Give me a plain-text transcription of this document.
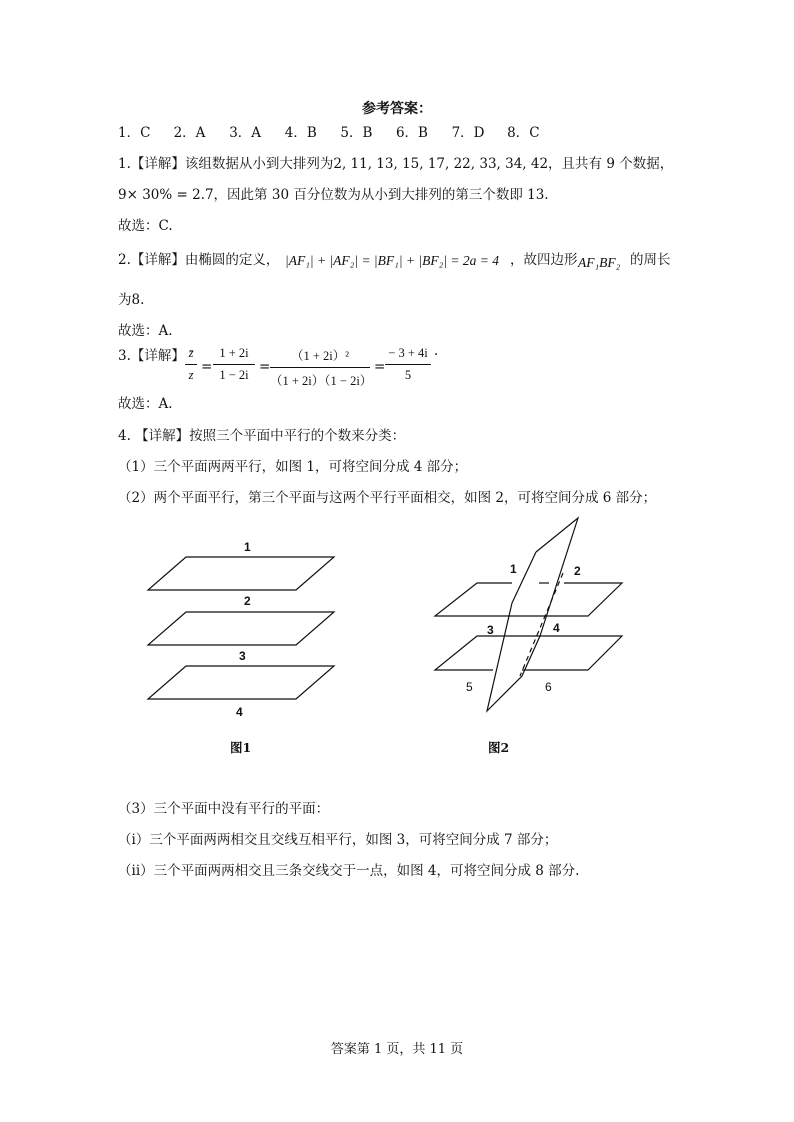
参考答案：
1．C	2．A	3．A	4．B	5．B	6．B	7．D	8．C
1.【详解】该组数据从小到大排列为2, 11, 13, 15, 17, 22, 33, 34, 42，且共有 9 个数据，
9× 30% = 2.7，因此第 30 百分位数为从小到大排列的第三个数即 13.
故选：C.
2.【详解】由椭圆的定义， |AF₁| + |AF₂| = |BF₁| + |BF₂| = 2a = 4 ，故四边形 AF₁BF₂ 的周长
为8.
故选：A.
3.【详解】 z̄
z =
1 + 2i
1 − 2i =
（1 + 2i）²
（1 + 2i）（1 − 2i）
=
− 3 + 4i
5
·
故选：A.
4. 【详解】按照三个平面中平行的个数来分类：
（1）三个平面两两平行，如图 1，可将空间分成 4 部分；
（2）两个平面平行，第三个平面与这两个平行平面相交，如图 2，可将空间分成 6 部分；
1
2
3
4
图1
1	2
3	4
5	6
图2
（3）三个平面中没有平行的平面：
（i）三个平面两两相交且交线互相平行，如图 3，可将空间分成 7 部分；
（ii）三个平面两两相交且三条交线交于一点，如图 4，可将空间分成 8 部分.
答案第 1 页，共 11 页
